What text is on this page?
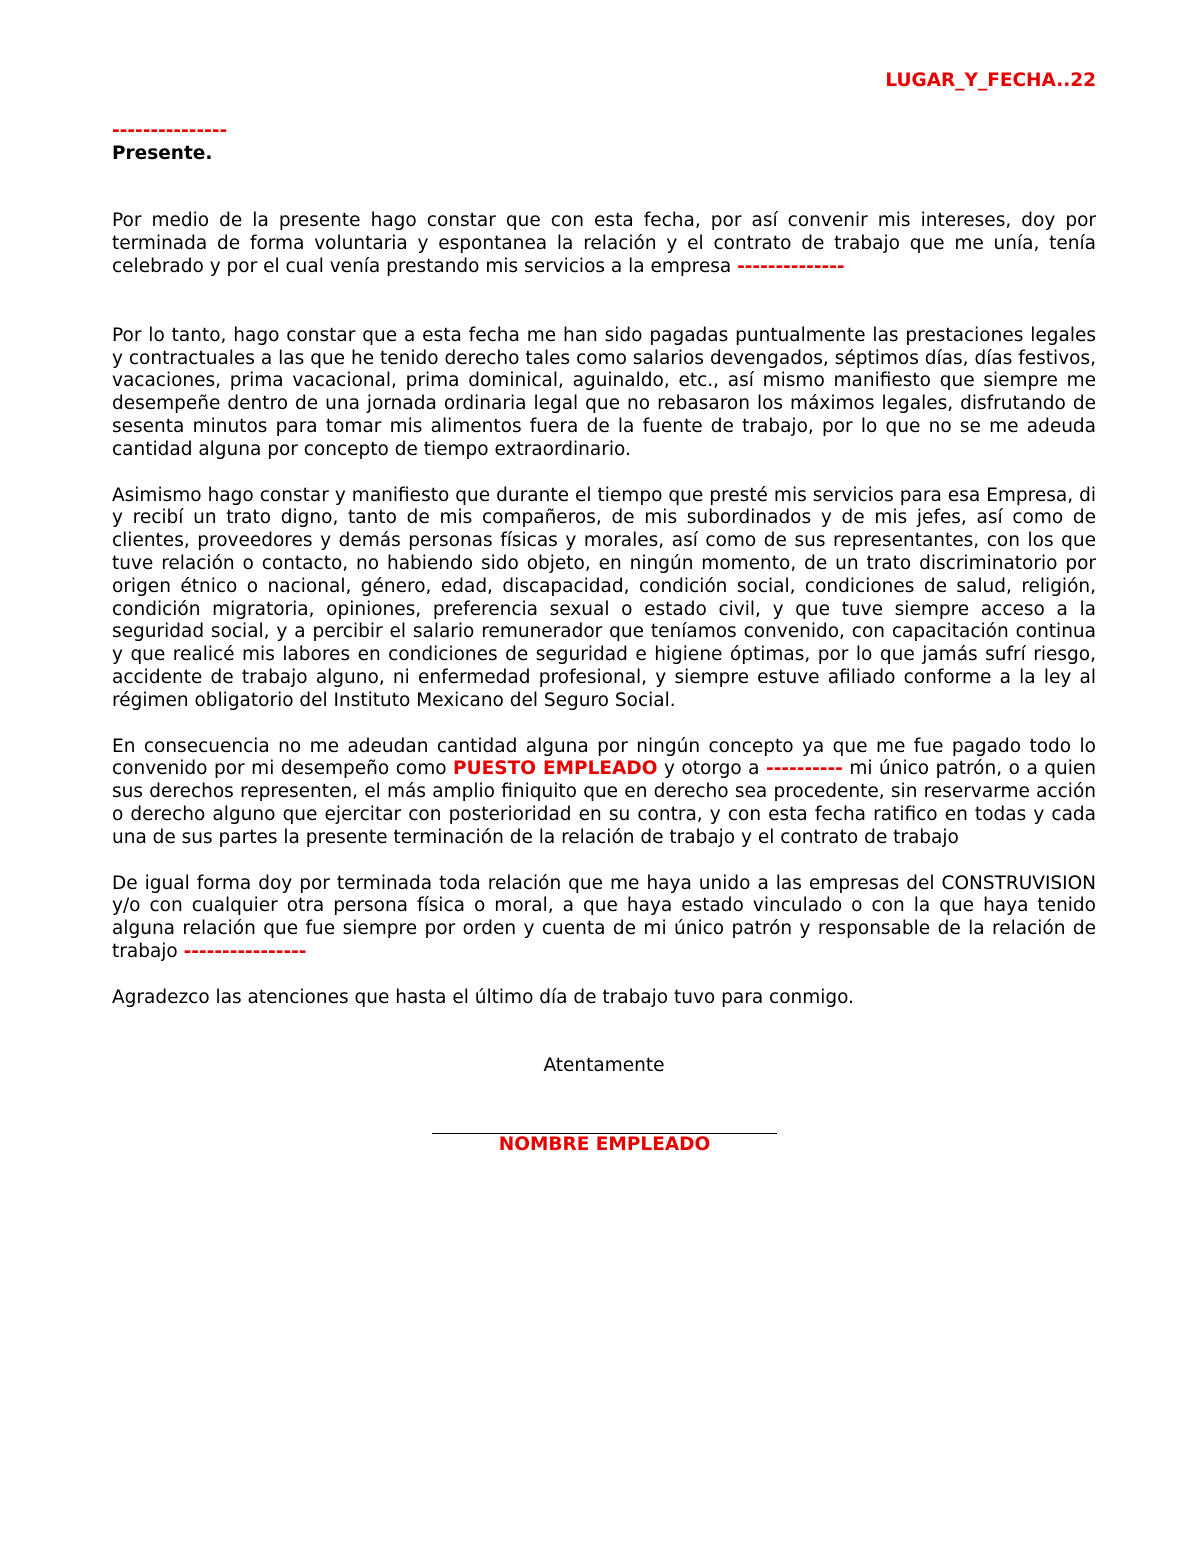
LUGAR_Y_FECHA..22

---------------

Presente.

Por medio de la presente hago constar que con esta fecha, por así convenir mis intereses, doy por terminada de forma voluntaria y espontanea la relación y el contrato de trabajo que me unía, tenía celebrado y por el cual venía prestando mis servicios a la empresa --------------

Por lo tanto, hago constar que a esta fecha me han sido pagadas puntualmente las prestaciones legales y contractuales a las que he tenido derecho tales como salarios devengados, séptimos días, días festivos, vacaciones, prima vacacional, prima dominical, aguinaldo, etc., así mismo manifiesto que siempre me desempeñe dentro de una jornada ordinaria legal que no rebasaron los máximos legales, disfrutando de sesenta minutos para tomar mis alimentos fuera de la fuente de trabajo, por lo que no se me adeuda cantidad alguna por concepto de tiempo extraordinario.

Asimismo hago constar y manifiesto que durante el tiempo que presté mis servicios para esa Empresa, di y recibí un trato digno, tanto de mis compañeros, de mis subordinados y de mis jefes, así como de clientes, proveedores y demás personas físicas y morales, así como de sus representantes, con los que tuve relación o contacto, no habiendo sido objeto, en ningún momento, de un trato discriminatorio por origen étnico o nacional, género, edad, discapacidad, condición social, condiciones de salud, religión, condición migratoria, opiniones, preferencia sexual o estado civil, y que tuve siempre acceso a la seguridad social, y a percibir el salario remunerador que teníamos convenido, con capacitación continua y que realicé mis labores en condiciones de seguridad e higiene óptimas, por lo que jamás sufrí riesgo, accidente de trabajo alguno, ni enfermedad profesional, y siempre estuve afiliado conforme a la ley al régimen obligatorio del Instituto Mexicano del Seguro Social.

En consecuencia no me adeudan cantidad alguna por ningún concepto ya que me fue pagado todo lo convenido por mi desempeño como PUESTO EMPLEADO y otorgo a ---------- mi único patrón, o a quien sus derechos representen, el más amplio finiquito que en derecho sea procedente, sin reservarme acción o derecho alguno que ejercitar con posterioridad en su contra, y con esta fecha ratifico en todas y cada una de sus partes la presente terminación de la relación de trabajo y el contrato de trabajo

De igual forma doy por terminada toda relación que me haya unido a las empresas del CONSTRUVISION y/o con cualquier otra persona física o moral, a que haya estado vinculado o con la que haya tenido alguna relación que fue siempre por orden y cuenta de mi único patrón y responsable de la relación de trabajo ----------------

Agradezco las atenciones que hasta el último día de trabajo tuvo para conmigo.

Atentamente

NOMBRE EMPLEADO
